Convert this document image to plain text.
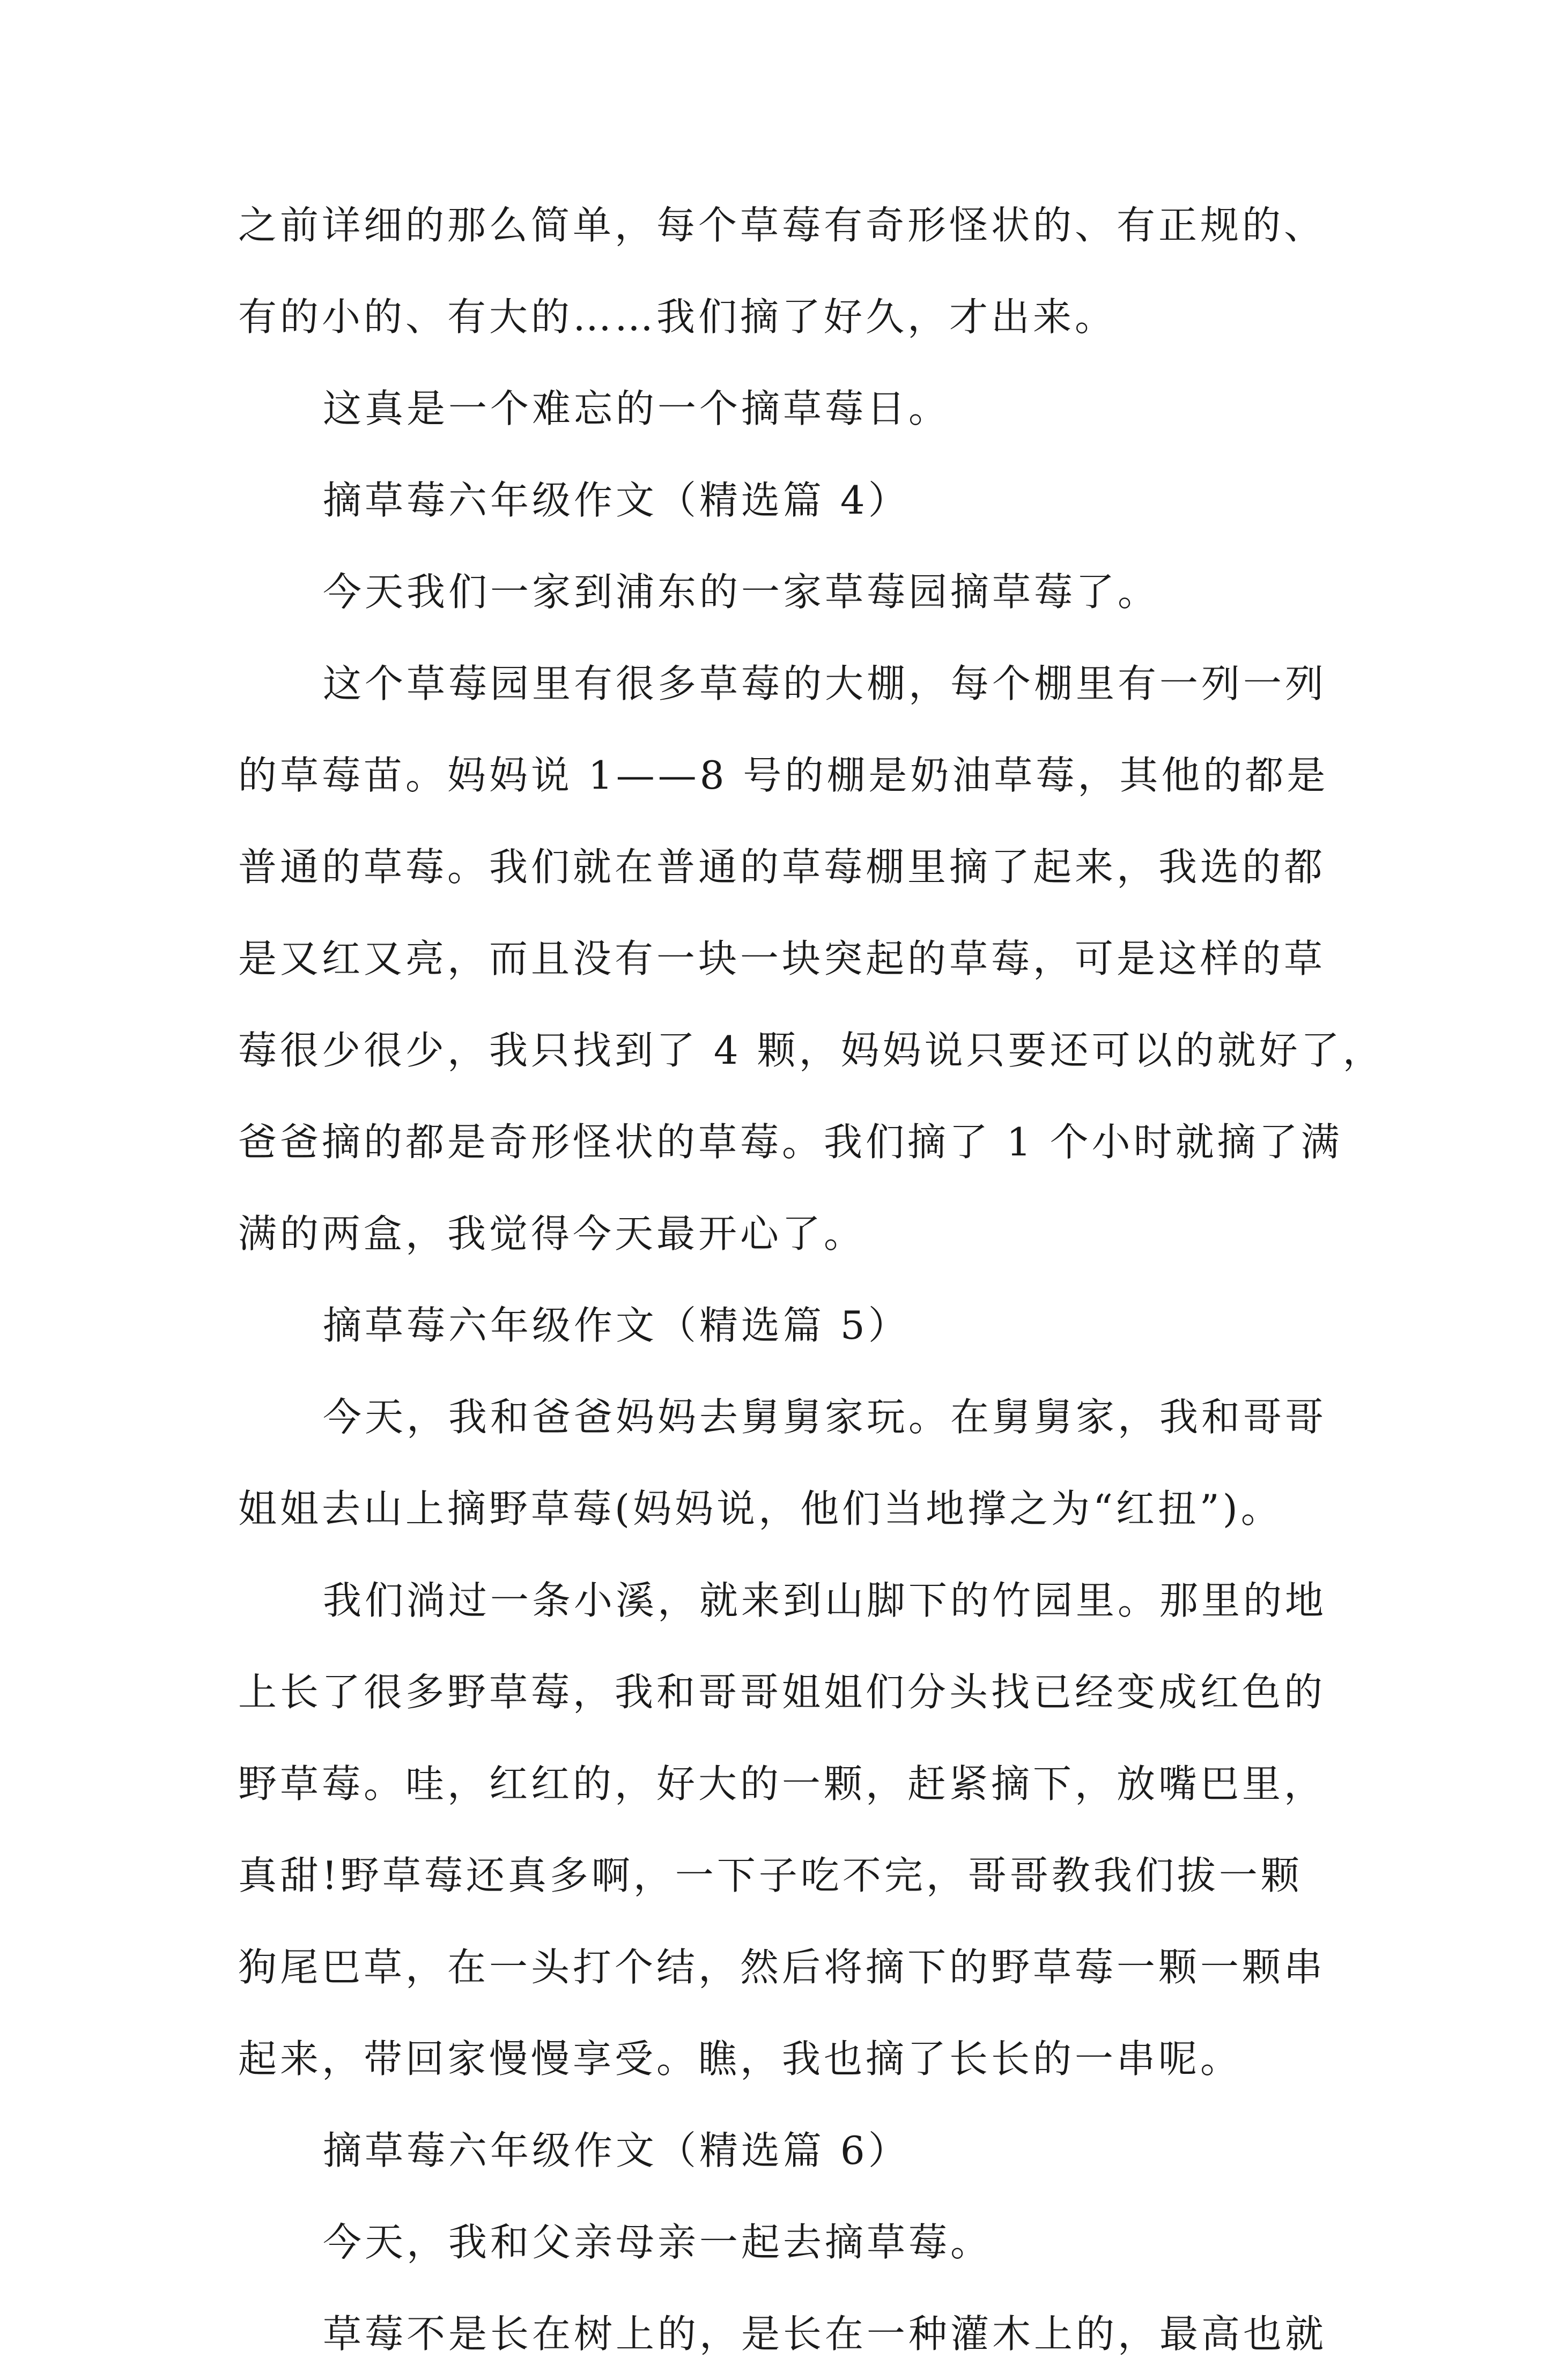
之前详细的那么简单，每个草莓有奇形怪状的、有正规的、
有的小的、有大的……我们摘了好久，才出来。
这真是一个难忘的一个摘草莓日。
摘草莓六年级作文（精选篇 4）
今天我们一家到浦东的一家草莓园摘草莓了。
这个草莓园里有很多草莓的大棚，每个棚里有一列一列
的草莓苗。妈妈说 1——8 号的棚是奶油草莓，其他的都是
普通的草莓。我们就在普通的草莓棚里摘了起来，我选的都
是又红又亮，而且没有一块一块突起的草莓，可是这样的草
莓很少很少，我只找到了 4 颗，妈妈说只要还可以的就好了，
爸爸摘的都是奇形怪状的草莓。我们摘了 1 个小时就摘了满
满的两盒，我觉得今天最开心了。
摘草莓六年级作文（精选篇 5）
今天，我和爸爸妈妈去舅舅家玩。在舅舅家，我和哥哥
姐姐去山上摘野草莓(妈妈说，他们当地撑之为“红扭”)。
我们淌过一条小溪，就来到山脚下的竹园里。那里的地
上长了很多野草莓，我和哥哥姐姐们分头找已经变成红色的
野草莓。哇，红红的，好大的一颗，赶紧摘下，放嘴巴里，
真甜!野草莓还真多啊，一下子吃不完，哥哥教我们拔一颗
狗尾巴草，在一头打个结，然后将摘下的野草莓一颗一颗串
起来，带回家慢慢享受。瞧，我也摘了长长的一串呢。
摘草莓六年级作文（精选篇 6）
今天，我和父亲母亲一起去摘草莓。
草莓不是长在树上的，是长在一种灌木上的，最高也就
